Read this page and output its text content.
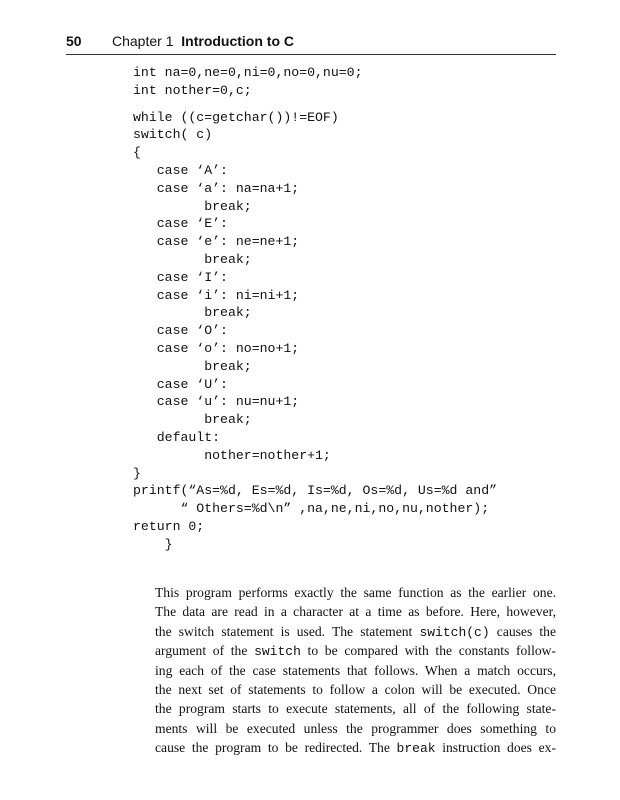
50 Chapter 1 Introduction to C
int na=0,ne=0,ni=0,no=0,nu=0;
int nother=0,c;
while ((c=getchar())!=EOF)
switch( c)
{
case ‘A’:
case ‘a’: na=na+1;
break;
case ‘E’:
case ‘e’: ne=ne+1;
break;
case ‘I’:
case ‘i’: ni=ni+1;
break;
case ‘O’:
case ‘o’: no=no+1;
break;
case ‘U’:
case ‘u’: nu=nu+1;
break;
default:
nother=nother+1;
}
printf(“As=%d, Es=%d, Is=%d, Os=%d, Us=%d and”
“ Others=%d\n” ,na,ne,ni,no,nu,nother);
return 0;
}
This program performs exactly the same function as the earlier one.
The data are read in a character at a time as before. Here, however,
the switch statement is used. The statement switch(c) causes the
argument of the switch to be compared with the constants follow-
ing each of the case statements that follows. When a match occurs,
the next set of statements to follow a colon will be executed. Once
the program starts to execute statements, all of the following state-
ments will be executed unless the programmer does something to
cause the program to be redirected. The break instruction does ex-
